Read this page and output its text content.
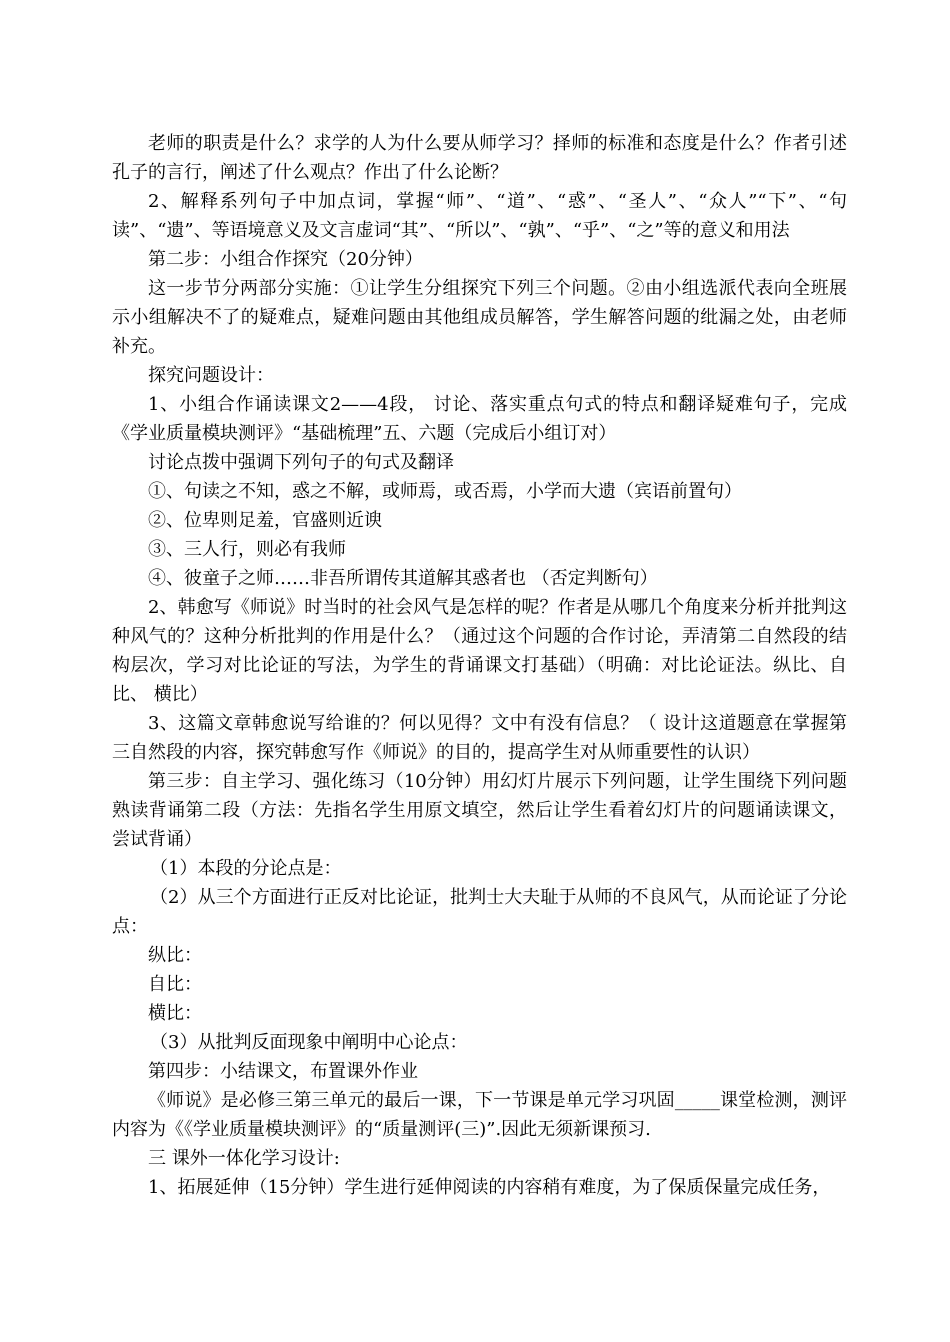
老师的职责是什么？求学的人为什么要从师学习？择师的标准和态度是什么？作者引述孔子的言行，阐述了什么观点？作出了什么论断？

2、解释系列句子中加点词，掌握“师”、“道”、“惑”、“圣人”、“众人”“下”、“句读”、“遗”、等语境意义及文言虚词“其”、“所以”、“孰”、“乎”、“之”等的意义和用法

第二步：小组合作探究（20分钟）

这一步节分两部分实施：①让学生分组探究下列三个问题。②由小组选派代表向全班展示小组解决不了的疑难点，疑难问题由其他组成员解答，学生解答问题的纰漏之处，由老师补充。

探究问题设计：

1、小组合作诵读课文2——4段， 讨论、落实重点句式的特点和翻译疑难句子，完成《学业质量模块测评》“基础梳理”五、六题（完成后小组订对）

讨论点拨中强调下列句子的句式及翻译

①、句读之不知，惑之不解，或师焉，或否焉，小学而大遗（宾语前置句）

②、位卑则足羞，官盛则近谀

③、三人行，则必有我师

④、彼童子之师……非吾所谓传其道解其惑者也 （否定判断句）

2、韩愈写《师说》时当时的社会风气是怎样的呢？作者是从哪几个角度来分析并批判这种风气的？这种分析批判的作用是什么？（通过这个问题的合作讨论，弄清第二自然段的结构层次，学习对比论证的写法，为学生的背诵课文打基础）（明确：对比论证法。纵比、自比、 横比）

3、这篇文章韩愈说写给谁的？何以见得？文中有没有信息？（ 设计这道题意在掌握第三自然段的内容，探究韩愈写作《师说》的目的，提高学生对从师重要性的认识）

第三步：自主学习、强化练习（10分钟）用幻灯片展示下列问题，让学生围绕下列问题熟读背诵第二段（方法：先指名学生用原文填空，然后让学生看着幻灯片的问题诵读课文，尝试背诵）

（1）本段的分论点是：

（2）从三个方面进行正反对比论证，批判士大夫耻于从师的不良风气，从而论证了分论点：

纵比：

自比：

横比：

（3）从批判反面现象中阐明中心论点：

第四步：小结课文，布置课外作业

《师说》是必修三第三单元的最后一课，下一节课是单元学习巩固_____课堂检测，测评内容为《《学业质量模块测评》的“质量测评(三)”.因此无须新课预习.

三 课外一体化学习设计:

1、拓展延伸（15分钟）学生进行延伸阅读的内容稍有难度，为了保质保量完成任务，
